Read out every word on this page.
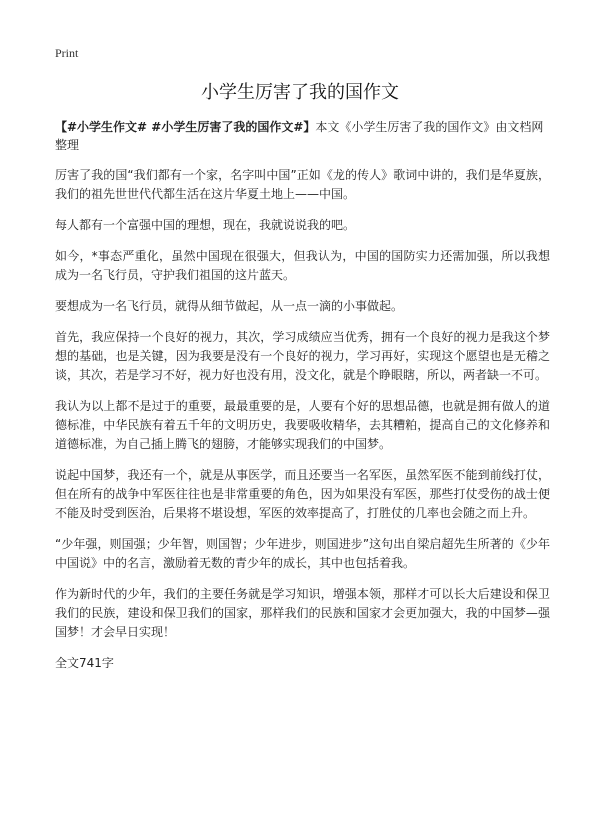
Print
小学生厉害了我的国作文

【#小学生作文# #小学生厉害了我的国作文#】本文《小学生厉害了我的国作文》由文档网整理

厉害了我的国“我们都有一个家，名字叫中国”正如《龙的传人》歌词中讲的，我们是华夏族，我们的祖先世世代代都生活在这片华夏土地上——中国。

每人都有一个富强中国的理想，现在，我就说说我的吧。

如今，*事态严重化，虽然中国现在很强大，但我认为，中国的国防实力还需加强，所以我想成为一名飞行员，守护我们祖国的这片蓝天。

要想成为一名飞行员，就得从细节做起，从一点一滴的小事做起。

首先，我应保持一个良好的视力，其次，学习成绩应当优秀，拥有一个良好的视力是我这个梦想的基础，也是关键，因为我要是没有一个良好的视力，学习再好，实现这个愿望也是无稽之谈，其次，若是学习不好，视力好也没有用，没文化，就是个睁眼瞎，所以，两者缺一不可。

我认为以上都不是过于的重要，最最重要的是，人要有个好的思想品德，也就是拥有做人的道德标准，中华民族有着五千年的文明历史，我要吸收精华，去其糟粕，提高自己的文化修养和道德标准，为自己插上腾飞的翅膀，才能够实现我们的中国梦。

说起中国梦，我还有一个，就是从事医学，而且还要当一名军医，虽然军医不能到前线打仗，但在所有的战争中军医往往也是非常重要的角色，因为如果没有军医，那些打仗受伤的战士便不能及时受到医治，后果将不堪设想，军医的效率提高了，打胜仗的几率也会随之而上升。

“少年强，则国强；少年智，则国智；少年进步，则国进步”这句出自梁启超先生所著的《少年中国说》中的名言，激励着无数的青少年的成长，其中也包括着我。

作为新时代的少年，我们的主要任务就是学习知识，增强本领，那样才可以长大后建设和保卫我们的民族，建设和保卫我们的国家，那样我们的民族和国家才会更加强大，我的中国梦—强国梦！才会早日实现！

全文741字
